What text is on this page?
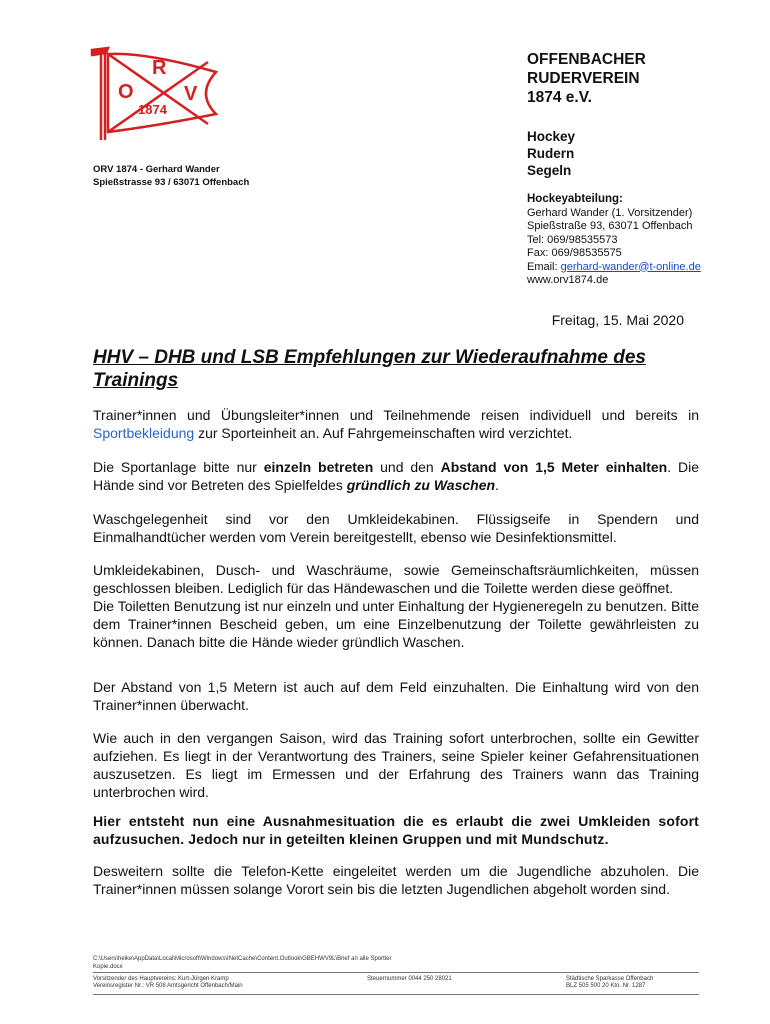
O
R
V
1874
OFFENBACHER
RUDERVEREIN
1874 e.V.
Hockey
Rudern
Segeln
ORV 1874 - Gerhard Wander
Spießstrasse 93 / 63071 Offenbach
Hockeyabteilung:
Gerhard Wander (1. Vorsitzender)
Spießstraße 93, 63071 Offenbach
Tel: 069/98535573
Fax: 069/98535575
Email: gerhard-wander@t-online.de
www.orv1874.de
Freitag, 15. Mai 2020
HHV – DHB und LSB Empfehlungen zur Wiederaufnahme des Trainings
Trainer*innen und Übungsleiter*innen und Teilnehmende reisen individuell und bereits in Sportbekleidung zur Sporteinheit an. Auf Fahrgemeinschaften wird verzichtet.
Die Sportanlage bitte nur einzeln betreten und den Abstand von 1,5 Meter einhalten. Die Hände sind vor Betreten des Spielfeldes gründlich zu Waschen.
Waschgelegenheit sind vor den Umkleidekabinen. Flüssigseife in Spendern und Einmalhandtücher werden vom Verein bereitgestellt, ebenso wie Desinfektionsmittel.
Umkleidekabinen, Dusch- und Waschräume, sowie Gemeinschaftsräumlichkeiten, müssen geschlossen bleiben. Lediglich für das Händewaschen und die Toilette werden diese geöffnet.
Die Toiletten Benutzung ist nur einzeln und unter Einhaltung der Hygieneregeln zu benutzen. Bitte dem Trainer*innen Bescheid geben, um eine Einzelbenutzung der Toilette gewährleisten zu können. Danach bitte die Hände wieder gründlich Waschen.
Der Abstand von 1,5 Metern ist auch auf dem Feld einzuhalten. Die Einhaltung wird von den Trainer*innen überwacht.
Wie auch in den vergangen Saison, wird das Training sofort unterbrochen, sollte ein Gewitter aufziehen. Es liegt in der Verantwortung des Trainers, seine Spieler keiner Gefahrensituationen auszusetzen. Es liegt im Ermessen und der Erfahrung des Trainers wann das Training unterbrochen wird.
Hier entsteht nun eine Ausnahmesituation die es erlaubt die zwei Umkleiden sofort aufzusuchen. Jedoch nur in geteilten kleinen Gruppen und mit Mundschutz.
Desweitern sollte die Telefon-Kette eingeleitet werden um die Jugendliche abzuholen. Die Trainer*innen müssen solange Vorort sein bis die letzten Jugendlichen abgeholt worden sind.
C:\Users\heike\AppData\Local\Microsoft\Windows\INetCache\Content.Outlook\GBEHWV9L\Brief an alle Sportler
Kopie.docx
Vorsitzender des Hauptvereins: Kurt-Jürgen Kramp
Vereinsregister Nr.: VR 508 Amtsgericht Offenbach/Main
Steuernummer 0044 250 28021	Städtische Sparkasse Offenbach
BLZ 505 500 20 Kto. Nr. 1287
